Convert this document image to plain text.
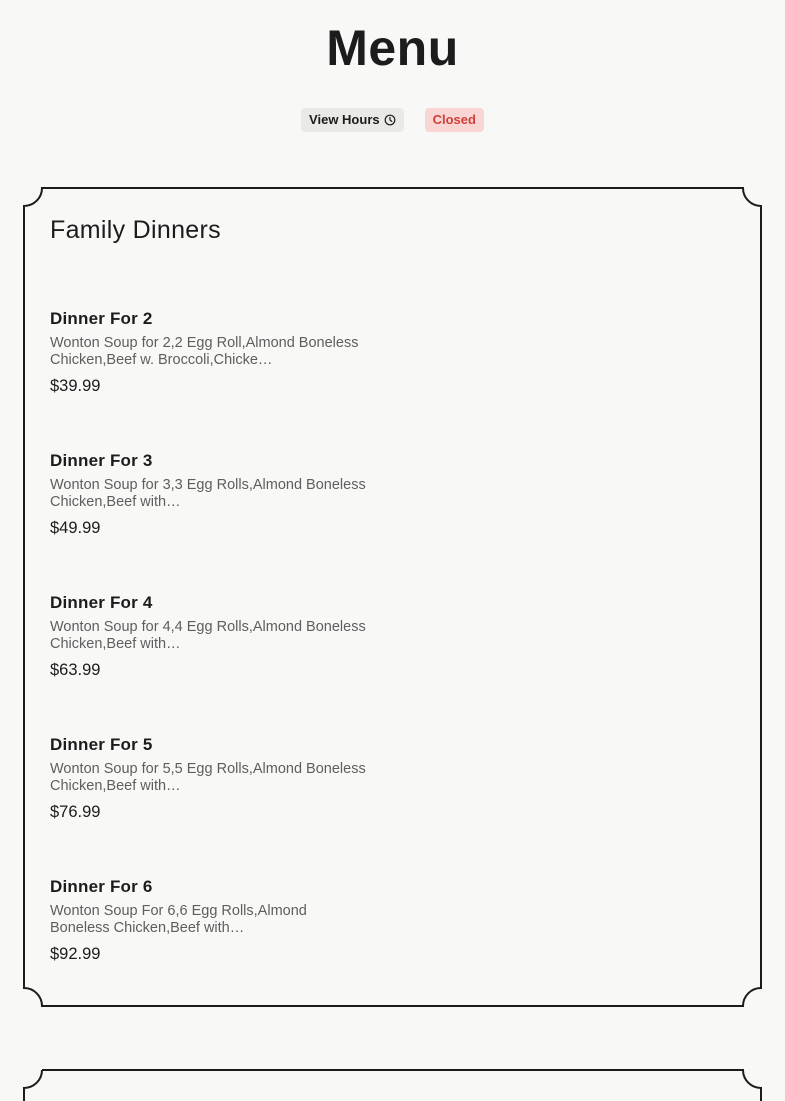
Menu
View Hours	Closed
Family Dinners

Dinner For 2

Wonton Soup for 2,2 Egg Roll,Almond Boneless Chicken,Beef w. Broccoli,Chicke…

$39.99

Dinner For 3

Wonton Soup for 3,3 Egg Rolls,Almond Boneless Chicken,Beef with…

$49.99

Dinner For 4

Wonton Soup for 4,4 Egg Rolls,Almond Boneless Chicken,Beef with…

$63.99

Dinner For 5

Wonton Soup for 5,5 Egg Rolls,Almond Boneless Chicken,Beef with…

$76.99

Dinner For 6

Wonton Soup For 6,6 Egg Rolls,Almond Boneless Chicken,Beef with…

$92.99
